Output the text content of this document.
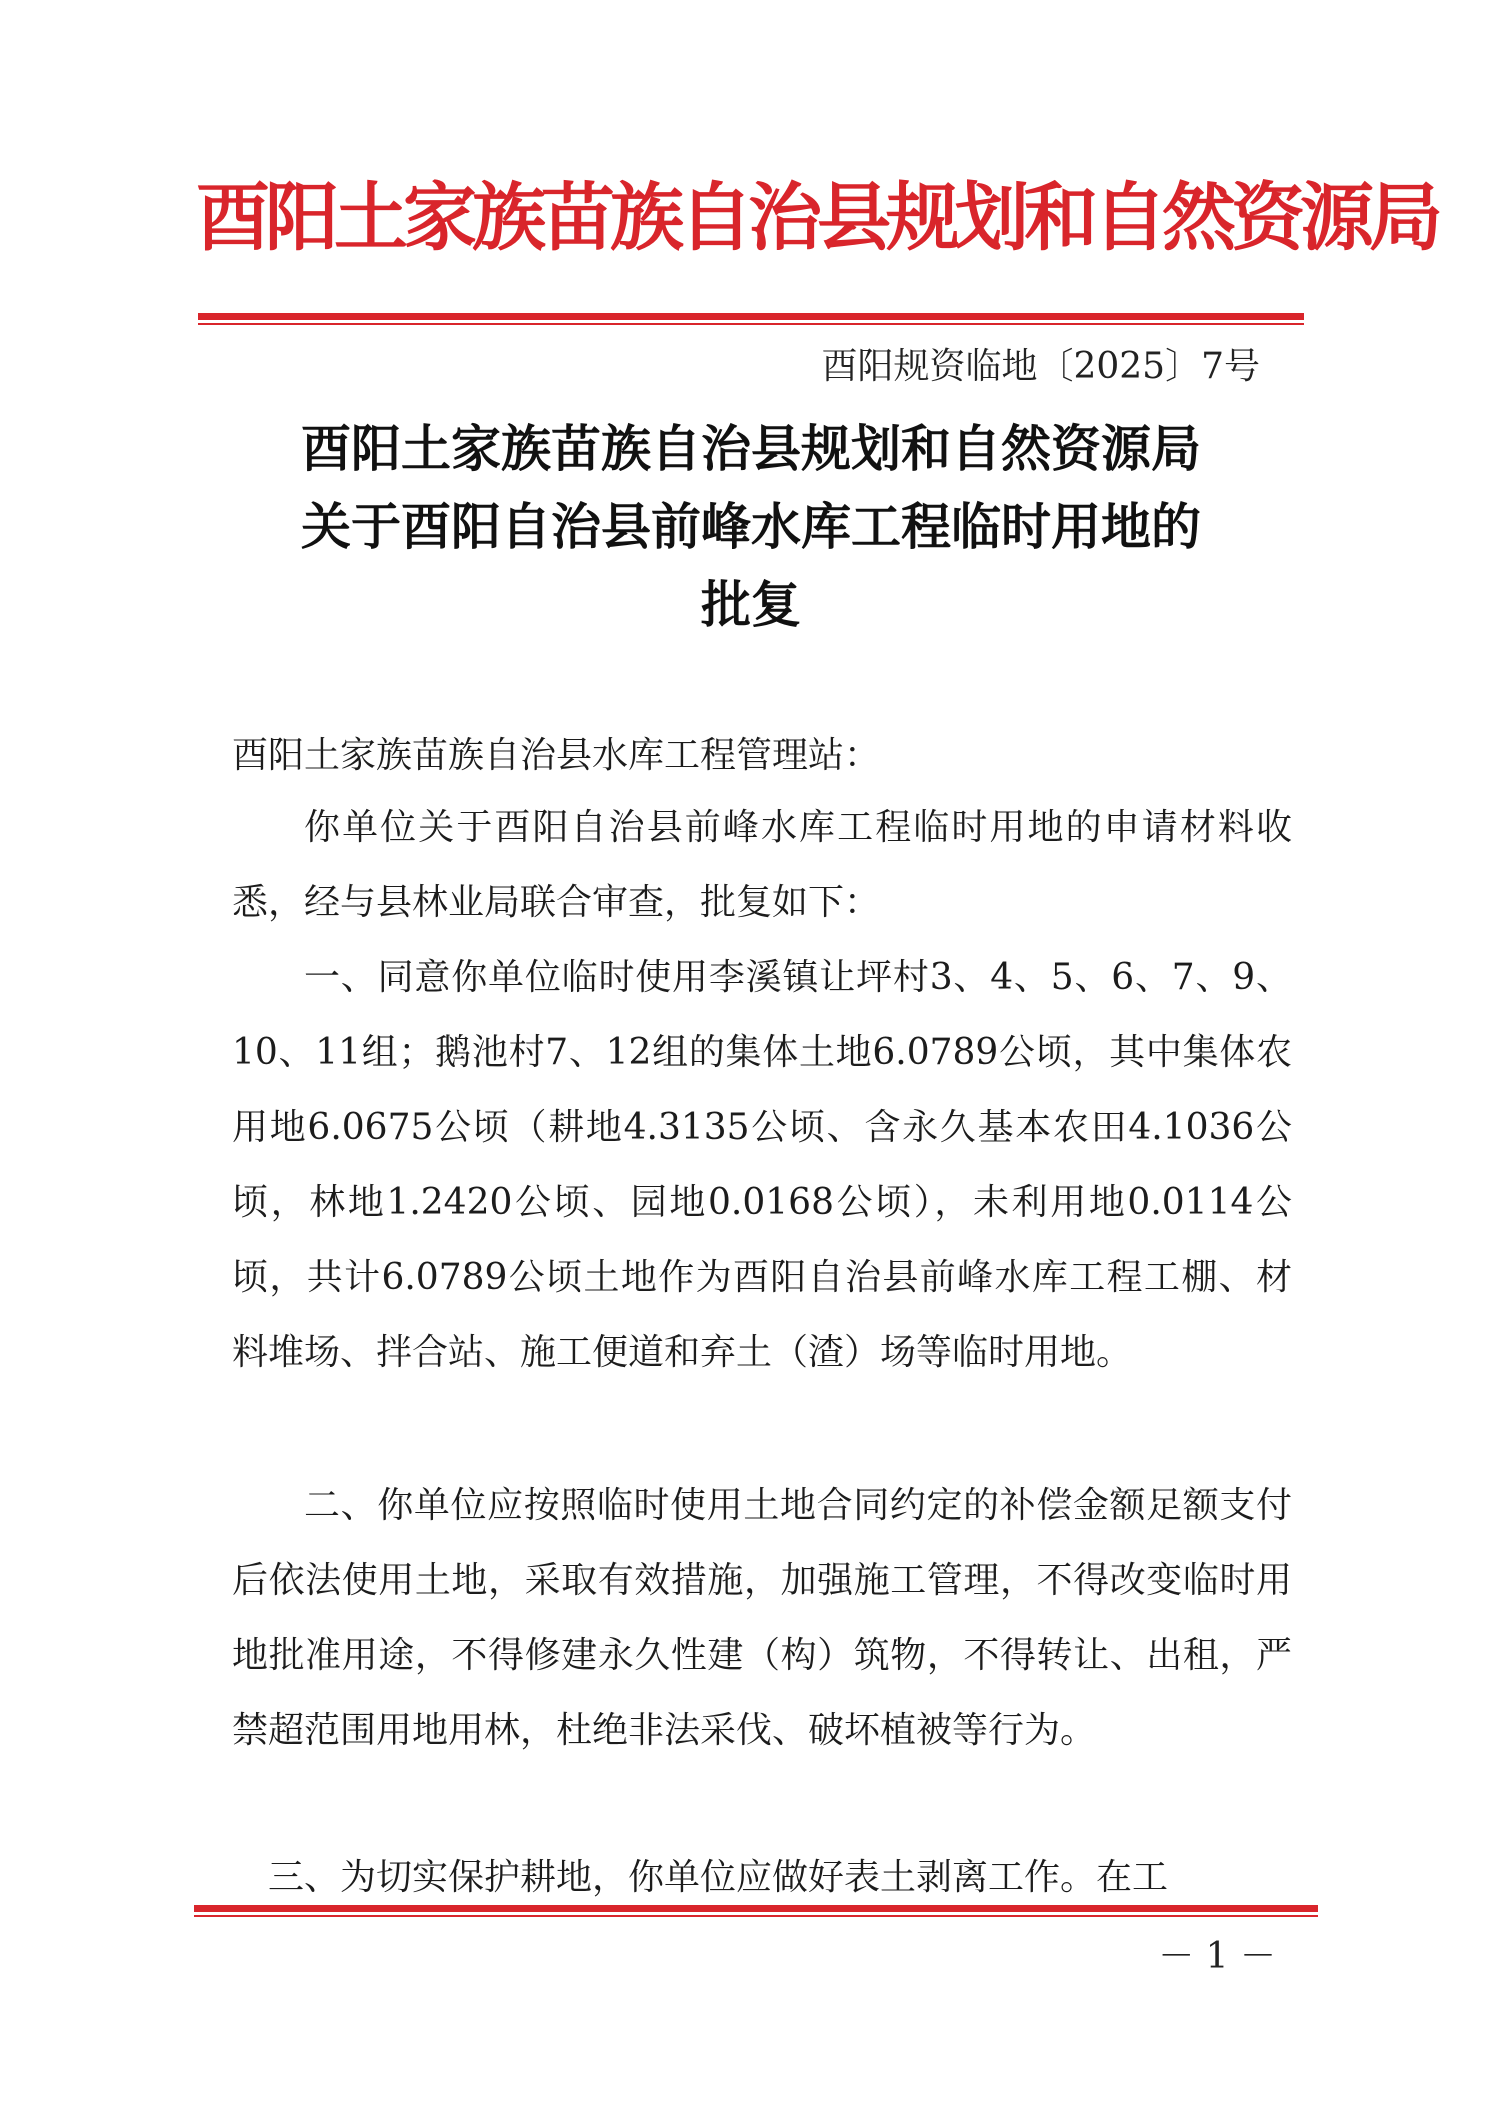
酉阳土家族苗族自治县规划和自然资源局
酉阳规资临地〔2025〕7号
酉阳土家族苗族自治县规划和自然资源局
关于酉阳自治县前峰水库工程临时用地的
批复
酉阳土家族苗族自治县水库工程管理站：

你单位关于酉阳自治县前峰水库工程临时用地的申请材料收悉，经与县林业局联合审查，批复如下：

一、同意你单位临时使用李溪镇让坪村3、4、5、6、7、9、10、11组；鹅池村7、12组的集体土地6.0789公顷，其中集体农用地6.0675公顷（耕地4.3135公顷、含永久基本农田4.1036公顷，林地1.2420公顷、园地0.0168公顷），未利用地0.0114公顷，共计6.0789公顷土地作为酉阳自治县前峰水库工程工棚、材料堆场、拌合站、施工便道和弃土（渣）场等临时用地。

二、你单位应按照临时使用土地合同约定的补偿金额足额支付后依法使用土地，采取有效措施，加强施工管理，不得改变临时用地批准用途，不得修建永久性建（构）筑物，不得转让、出租，严禁超范围用地用林，杜绝非法采伐、破坏植被等行为。

三、为切实保护耕地，你单位应做好表土剥离工作。在工

－ 1 －
